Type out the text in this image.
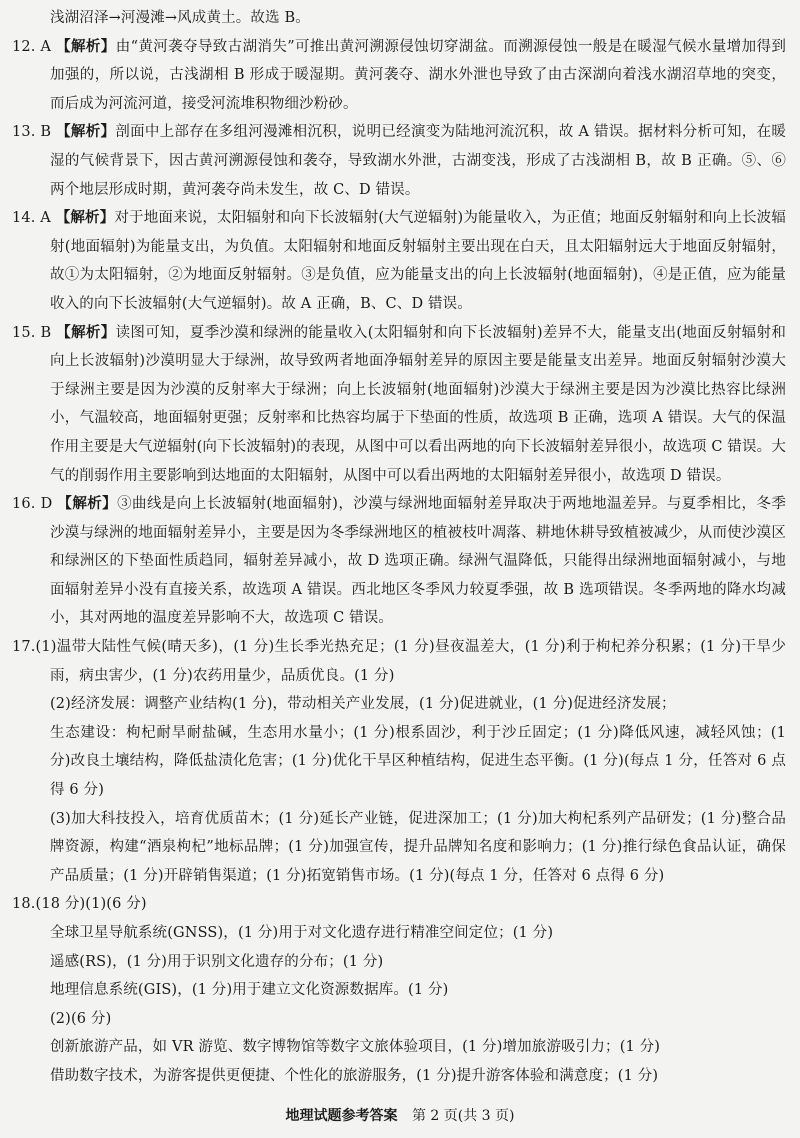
浅湖沼泽→河漫滩→风成黄土。故选 B。

12. A 【解析】由“黄河袭夺导致古湖消失”可推出黄河溯源侵蚀切穿湖盆。而溯源侵蚀一般是在暖湿气候水量增加得到加强的，所以说，古浅湖相 B 形成于暖湿期。黄河袭夺、湖水外泄也导致了由古深湖向着浅水湖沼草地的突变，而后成为河流河道，接受河流堆积物细沙粉砂。
13. B 【解析】剖面中上部存在多组河漫滩相沉积，说明已经演变为陆地河流沉积，故 A 错误。据材料分析可知，在暖湿的气候背景下，因古黄河溯源侵蚀和袭夺，导致湖水外泄，古湖变浅，形成了古浅湖相 B，故 B 正确。⑤、⑥两个地层形成时期，黄河袭夺尚未发生，故 C、D 错误。
14. A 【解析】对于地面来说，太阳辐射和向下长波辐射(大气逆辐射)为能量收入，为正值；地面反射辐射和向上长波辐射(地面辐射)为能量支出，为负值。太阳辐射和地面反射辐射主要出现在白天，且太阳辐射远大于地面反射辐射，故①为太阳辐射，②为地面反射辐射。③是负值，应为能量支出的向上长波辐射(地面辐射)，④是正值，应为能量收入的向下长波辐射(大气逆辐射)。故 A 正确，B、C、D 错误。
15. B 【解析】读图可知，夏季沙漠和绿洲的能量收入(太阳辐射和向下长波辐射)差异不大，能量支出(地面反射辐射和向上长波辐射)沙漠明显大于绿洲，故导致两者地面净辐射差异的原因主要是能量支出差异。地面反射辐射沙漠大于绿洲主要是因为沙漠的反射率大于绿洲；向上长波辐射(地面辐射)沙漠大于绿洲主要是因为沙漠比热容比绿洲小，气温较高，地面辐射更强；反射率和比热容均属于下垫面的性质，故选项 B 正确，选项 A 错误。大气的保温作用主要是大气逆辐射(向下长波辐射)的表现，从图中可以看出两地的向下长波辐射差异很小，故选项 C 错误。大气的削弱作用主要影响到达地面的太阳辐射，从图中可以看出两地的太阳辐射差异很小，故选项 D 错误。
16. D 【解析】③曲线是向上长波辐射(地面辐射)，沙漠与绿洲地面辐射差异取决于两地地温差异。与夏季相比，冬季沙漠与绿洲的地面辐射差异小，主要是因为冬季绿洲地区的植被枝叶凋落、耕地休耕导致植被减少，从而使沙漠区和绿洲区的下垫面性质趋同，辐射差异减小，故 D 选项正确。绿洲气温降低，只能得出绿洲地面辐射减小，与地面辐射差异小没有直接关系，故选项 A 错误。西北地区冬季风力较夏季强，故 B 选项错误。冬季两地的降水均减小，其对两地的温度差异影响不大，故选项 C 错误。
17.(1)温带大陆性气候(晴天多)，(1 分)生长季光热充足；(1 分)昼夜温差大，(1 分)利于枸杞养分积累；(1 分)干旱少雨，病虫害少，(1 分)农药用量少，品质优良。(1 分)

(2)经济发展：调整产业结构(1 分)，带动相关产业发展，(1 分)促进就业，(1 分)促进经济发展；

生态建设：枸杞耐旱耐盐碱，生态用水量小；(1 分)根系固沙，利于沙丘固定；(1 分)降低风速，减轻风蚀；(1 分)改良土壤结构，降低盐渍化危害；(1 分)优化干旱区种植结构，促进生态平衡。(1 分)(每点 1 分，任答对 6 点得 6 分)

(3)加大科技投入，培育优质苗木；(1 分)延长产业链，促进深加工；(1 分)加大枸杞系列产品研发；(1 分)整合品牌资源，构建“酒泉枸杞”地标品牌；(1 分)加强宣传，提升品牌知名度和影响力；(1 分)推行绿色食品认证，确保产品质量；(1 分)开辟销售渠道；(1 分)拓宽销售市场。(1 分)(每点 1 分，任答对 6 点得 6 分)

18.(18 分)(1)(6 分)

全球卫星导航系统(GNSS)，(1 分)用于对文化遗存进行精准空间定位；(1 分)

遥感(RS)，(1 分)用于识别文化遗存的分布；(1 分)

地理信息系统(GIS)，(1 分)用于建立文化资源数据库。(1 分)

(2)(6 分)

创新旅游产品，如 VR 游览、数字博物馆等数字文旅体验项目，(1 分)增加旅游吸引力；(1 分)

借助数字技术，为游客提供更便捷、个性化的旅游服务，(1 分)提升游客体验和满意度；(1 分)

地理试题参考答案 第 2 页(共 3 页)
